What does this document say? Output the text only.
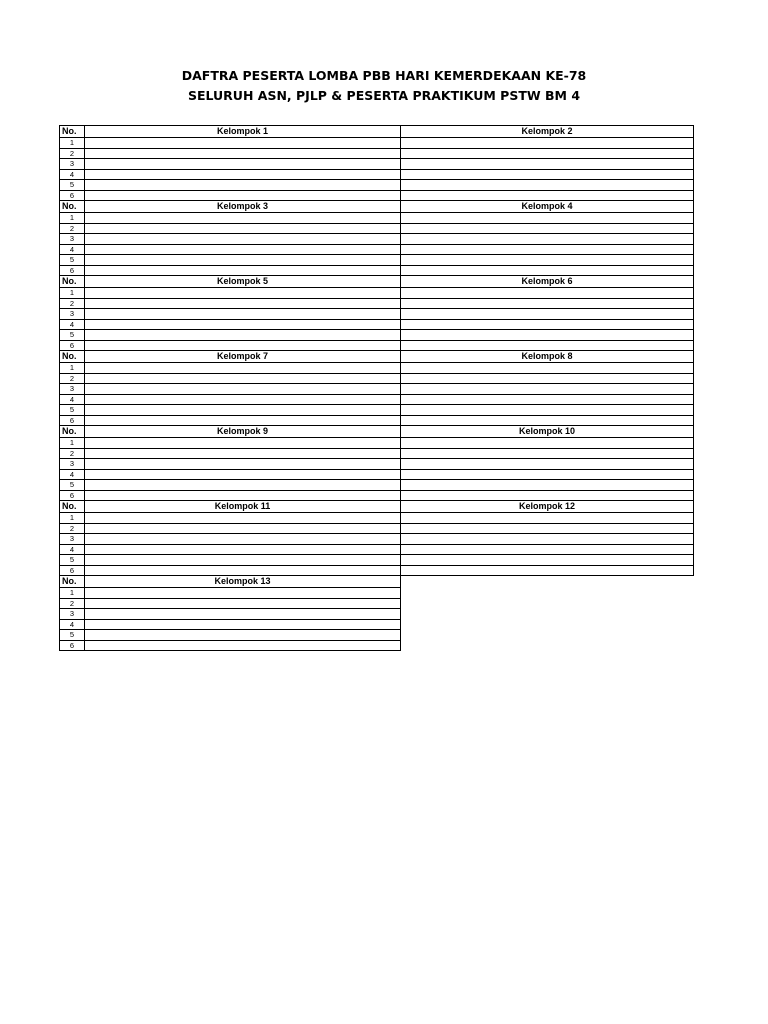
DAFTRA PESERTA LOMBA PBB HARI KEMERDEKAAN KE-78
SELURUH ASN, PJLP & PESERTA PRAKTIKUM PSTW BM 4
No.	Kelompok 1	Kelompok 2
1		
2		
3		
4		
5		
6		
No.	Kelompok 3	Kelompok 4
1		
2		
3		
4		
5		
6		
No.	Kelompok 5	Kelompok 6
1		
2		
3		
4		
5		
6		
No.	Kelompok 7	Kelompok 8
1		
2		
3		
4		
5		
6		
No.	Kelompok 9	Kelompok 10
1		
2		
3		
4		
5		
6		
No.	Kelompok 11	Kelompok 12
1		
2		
3		
4		
5		
6		
No.	Kelompok 13	
1		
2		
3		
4		
5		
6		
